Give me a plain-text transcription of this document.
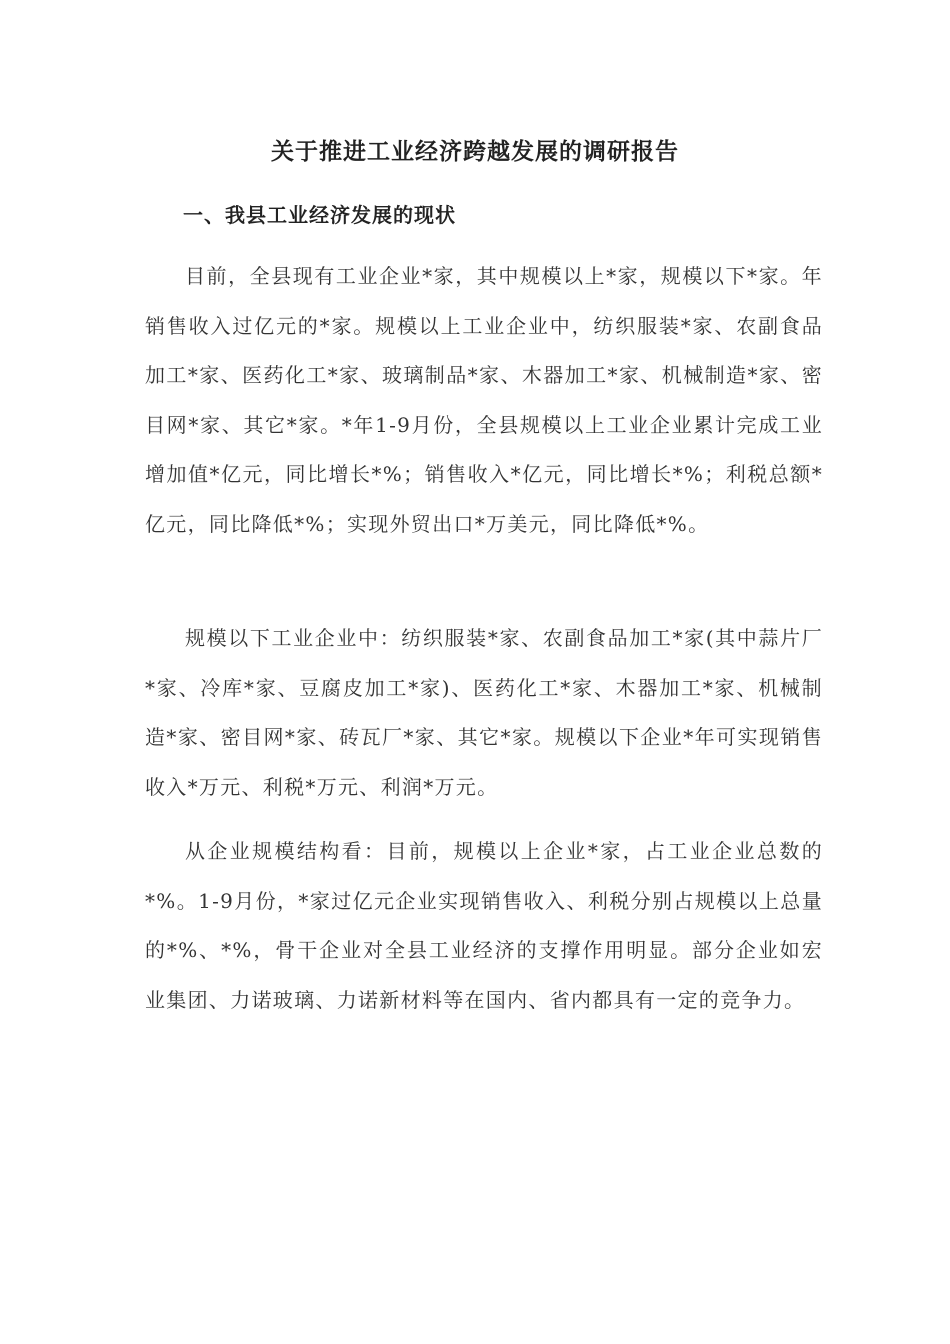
关于推进工业经济跨越发展的调研报告
一、我县工业经济发展的现状

目前，全县现有工业企业*家，其中规模以上*家，规模以下*家。年销售收入过亿元的*家。规模以上工业企业中，纺织服装*家、农副食品加工*家、医药化工*家、玻璃制品*家、木器加工*家、机械制造*家、密目网*家、其它*家。*年1-9月份，全县规模以上工业企业累计完成工业增加值*亿元，同比增长*%；销售收入*亿元，同比增长*%；利税总额*亿元，同比降低*%；实现外贸出口*万美元，同比降低*%。

规模以下工业企业中：纺织服装*家、农副食品加工*家(其中蒜片厂*家、冷库*家、豆腐皮加工*家)、医药化工*家、木器加工*家、机械制造*家、密目网*家、砖瓦厂*家、其它*家。规模以下企业*年可实现销售收入*万元、利税*万元、利润*万元。

从企业规模结构看：目前，规模以上企业*家，占工业企业总数的*%。1-9月份，*家过亿元企业实现销售收入、利税分别占规模以上总量的*%、*%，骨干企业对全县工业经济的支撑作用明显。部分企业如宏业集团、力诺玻璃、力诺新材料等在国内、省内都具有一定的竞争力。
